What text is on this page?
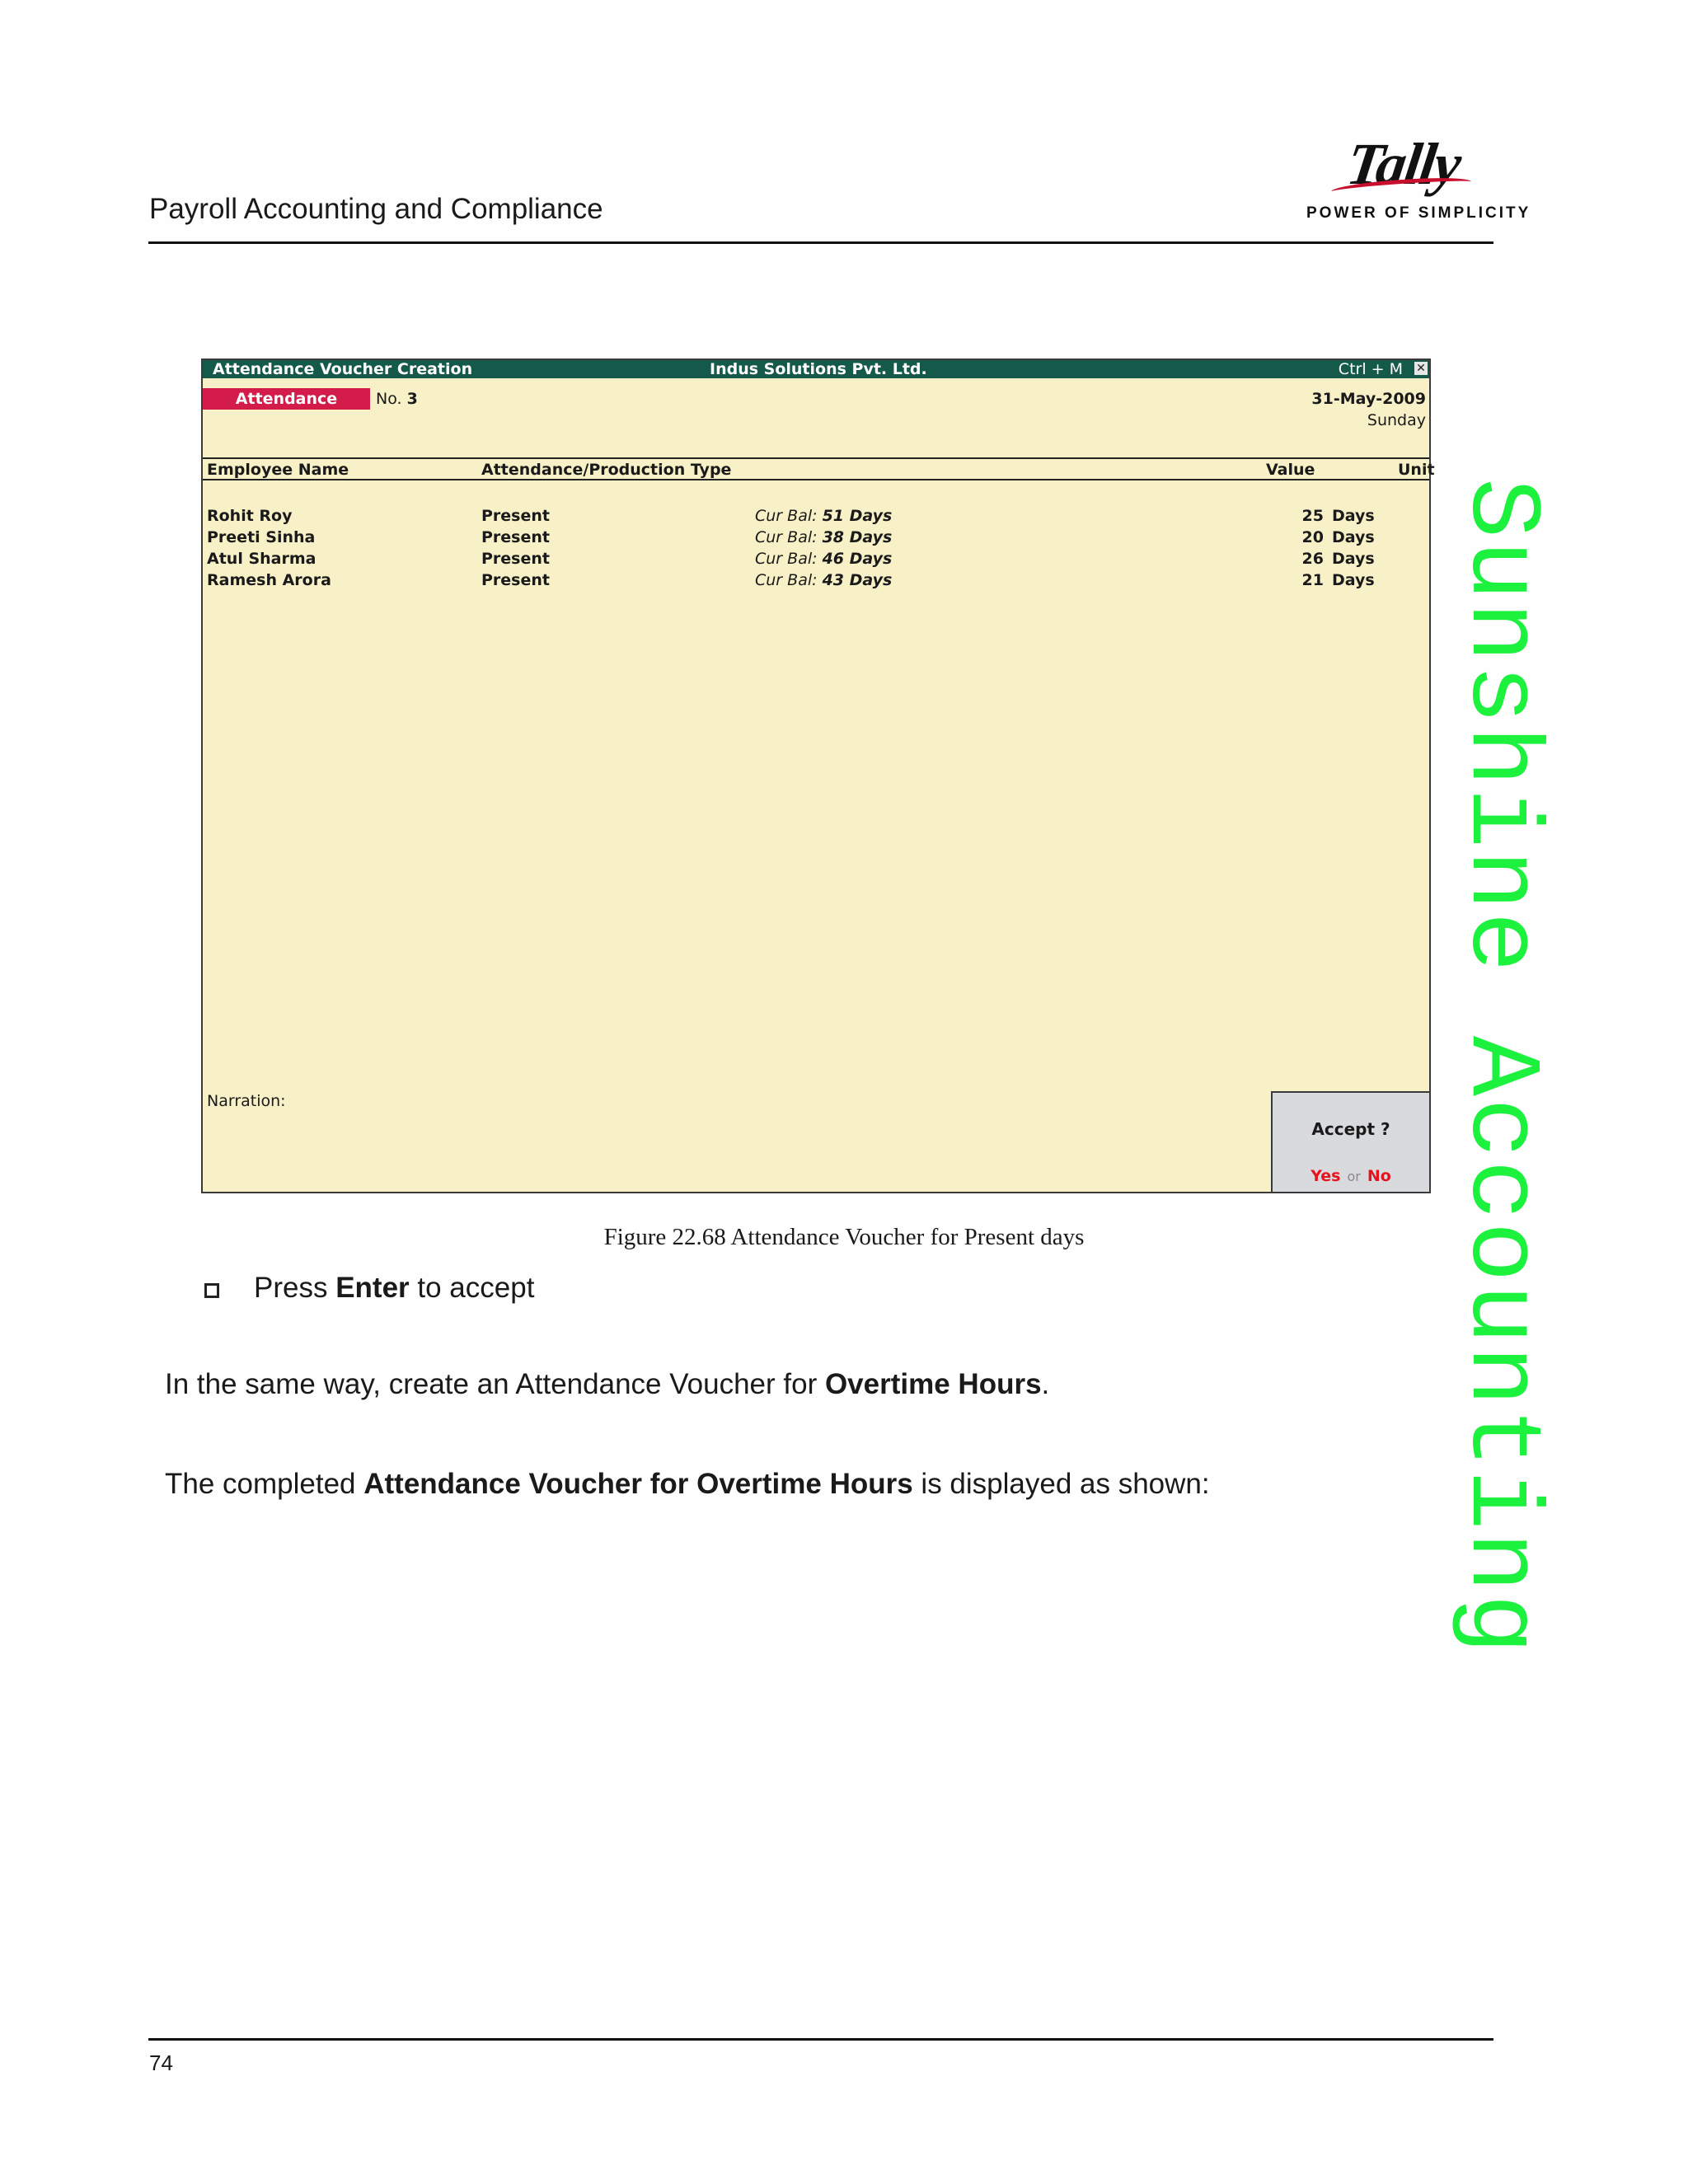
Payroll Accounting and Compliance
Tally
POWER OF SIMPLICITY
Sunshine Accounting
Attendance Voucher Creation	Indus Solutions Pvt. Ltd.	Ctrl + M ✕
Attendance	No. 3	31-May-2009
Sunday
Employee Name	Attendance/Production Type	Value	Unit
Rohit Roy	Present	Cur Bal: 51 Days	25 Days
Preeti Sinha	Present	Cur Bal: 38 Days	20 Days
Atul Sharma	Present	Cur Bal: 46 Days	26 Days
Ramesh Arora	Present	Cur Bal: 43 Days	21 Days
Narration:
Accept ?
Yes or No
Figure 22.68 Attendance Voucher for Present days
Press Enter to accept
In the same way, create an Attendance Voucher for Overtime Hours.
The completed Attendance Voucher for Overtime Hours is displayed as shown:
74
